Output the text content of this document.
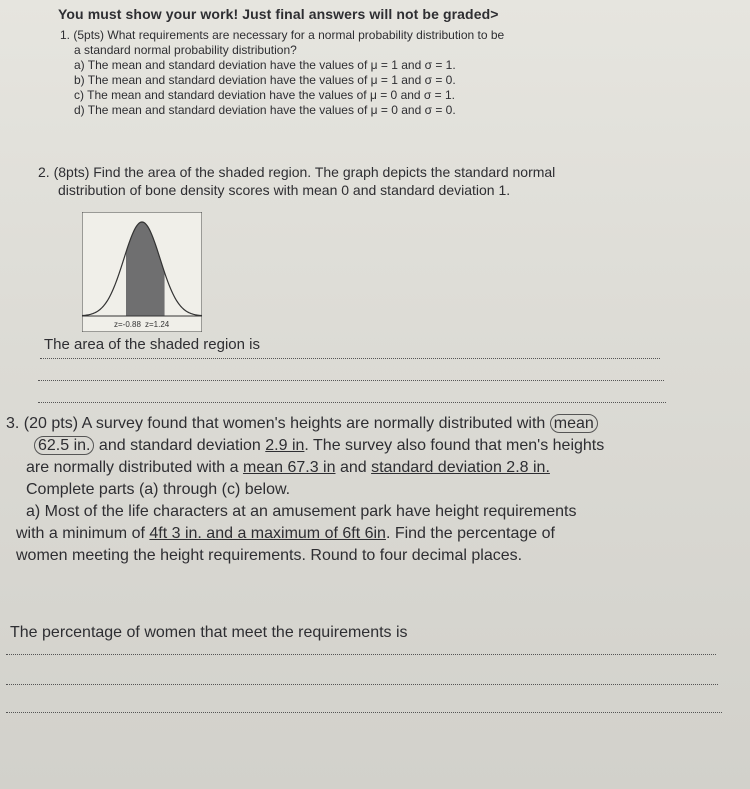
You must show your work! Just final answers will not be graded>
1. (5pts) What requirements are necessary for a normal probability distribution to be
a standard normal probability distribution?
a) The mean and standard deviation have the values of μ = 1 and σ = 1.
b) The mean and standard deviation have the values of μ = 1 and σ = 0.
c) The mean and standard deviation have the values of μ = 0 and σ = 1.
d) The mean and standard deviation have the values of μ = 0 and σ = 0.
2. (8pts) Find the area of the shaded region. The graph depicts the standard normal
distribution of bone density scores with mean 0 and standard deviation 1.
z=-0.88 z=1.24
The area of the shaded region is
3. (20 pts) A survey found that women's heights are normally distributed with mean
62.5 in. and standard deviation 2.9 in. The survey also found that men's heights
are normally distributed with a mean 67.3 in and standard deviation 2.8 in.
Complete parts (a) through (c) below.
a) Most of the life characters at an amusement park have height requirements
with a minimum of 4ft 3 in. and a maximum of 6ft 6in. Find the percentage of
women meeting the height requirements. Round to four decimal places.
The percentage of women that meet the requirements is
